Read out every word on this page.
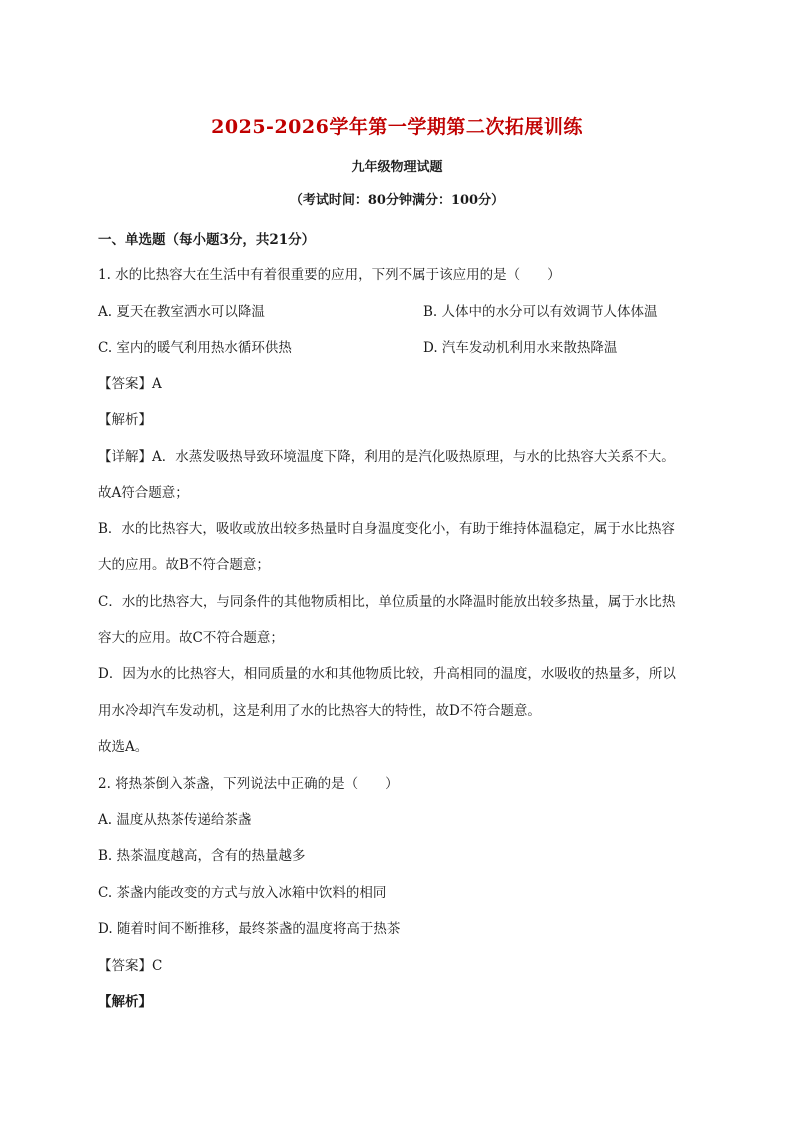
2025-2026学年第一学期第二次拓展训练
九年级物理试题
（考试时间：80分钟满分：100分）
一、单选题（每小题3分，共21分）
1. 水的比热容大在生活中有着很重要的应用，下列不属于该应用的是（　　）
A. 夏天在教室洒水可以降温	B. 人体中的水分可以有效调节人体体温
C. 室内的暖气利用热水循环供热	D. 汽车发动机利用水来散热降温
【答案】A
【解析】
【详解】A．水蒸发吸热导致环境温度下降，利用的是汽化吸热原理，与水的比热容大关系不大。
故A符合题意；
B．水的比热容大，吸收或放出较多热量时自身温度变化小，有助于维持体温稳定，属于水比热容
大的应用。故B不符合题意；
C．水的比热容大，与同条件的其他物质相比，单位质量的水降温时能放出较多热量，属于水比热
容大的应用。故C不符合题意；
D．因为水的比热容大，相同质量的水和其他物质比较，升高相同的温度，水吸收的热量多，所以
用水冷却汽车发动机，这是利用了水的比热容大的特性，故D不符合题意。
故选A。
2. 将热茶倒入茶盏，下列说法中正确的是（　　）
A. 温度从热茶传递给茶盏
B. 热茶温度越高，含有的热量越多
C. 茶盏内能改变的方式与放入冰箱中饮料的相同
D. 随着时间不断推移，最终茶盏的温度将高于热茶
【答案】C
【解析】
